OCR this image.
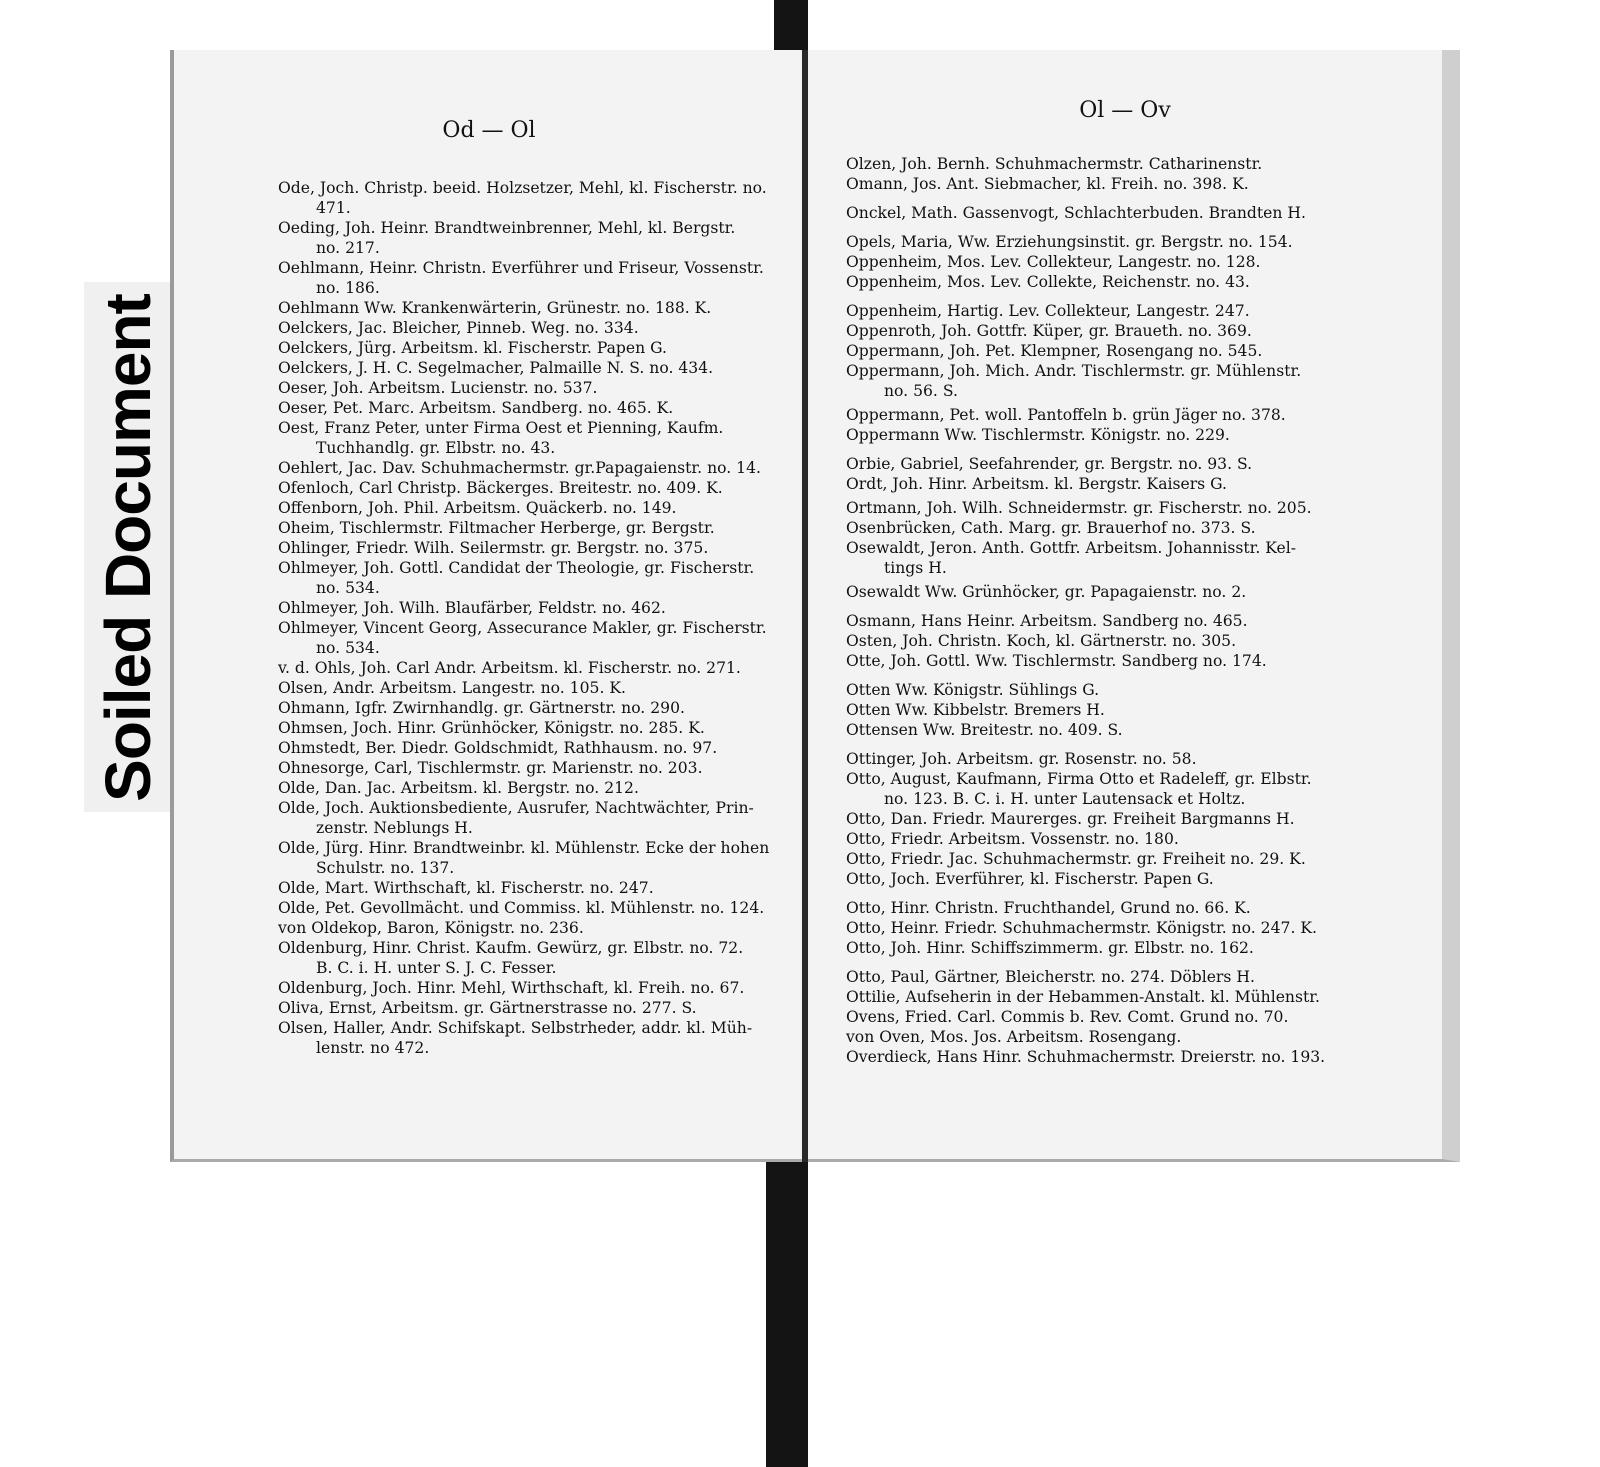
Soiled Document
Od — Ol
Ode, Joch. Christp. beeid. Holzsetzer, Mehl, kl. Fischerstr. no.
471.
Oeding, Joh. Heinr. Brandtweinbrenner, Mehl, kl. Bergstr.
no. 217.
Oehlmann, Heinr. Christn. Everführer und Friseur, Vossenstr.
no. 186.
Oehlmann Ww. Krankenwärterin, Grünestr. no. 188. K.
Oelckers, Jac. Bleicher, Pinneb. Weg. no. 334.
Oelckers, Jürg. Arbeitsm. kl. Fischerstr. Papen G.
Oelckers, J. H. C. Segelmacher, Palmaille N. S. no. 434.
Oeser, Joh. Arbeitsm. Lucienstr. no. 537.
Oeser, Pet. Marc. Arbeitsm. Sandberg. no. 465. K.
Oest, Franz Peter, unter Firma Oest et Pienning, Kaufm.
Tuchhandlg. gr. Elbstr. no. 43.
Oehlert, Jac. Dav. Schuhmachermstr. gr.Papagaienstr. no. 14.
Ofenloch, Carl Christp. Bäckerges. Breitestr. no. 409. K.
Offenborn, Joh. Phil. Arbeitsm. Quäckerb. no. 149.
Oheim, Tischlermstr. Filtmacher Herberge, gr. Bergstr.
Ohlinger, Friedr. Wilh. Seilermstr. gr. Bergstr. no. 375.
Ohlmeyer, Joh. Gottl. Candidat der Theologie, gr. Fischerstr.
no. 534.
Ohlmeyer, Joh. Wilh. Blaufärber, Feldstr. no. 462.
Ohlmeyer, Vincent Georg, Assecurance Makler, gr. Fischerstr.
no. 534.
v. d. Ohls, Joh. Carl Andr. Arbeitsm. kl. Fischerstr. no. 271.
Olsen, Andr. Arbeitsm. Langestr. no. 105. K.
Ohmann, Igfr. Zwirnhandlg. gr. Gärtnerstr. no. 290.
Ohmsen, Joch. Hinr. Grünhöcker, Königstr. no. 285. K.
Ohmstedt, Ber. Diedr. Goldschmidt, Rathhausm. no. 97.
Ohnesorge, Carl, Tischlermstr. gr. Marienstr. no. 203.
Olde, Dan. Jac. Arbeitsm. kl. Bergstr. no. 212.
Olde, Joch. Auktionsbediente, Ausrufer, Nachtwächter, Prin-
zenstr. Neblungs H.
Olde, Jürg. Hinr. Brandtweinbr. kl. Mühlenstr. Ecke der hohen
Schulstr. no. 137.
Olde, Mart. Wirthschaft, kl. Fischerstr. no. 247.
Olde, Pet. Gevollmächt. und Commiss. kl. Mühlenstr. no. 124.
von Oldekop, Baron, Königstr. no. 236.
Oldenburg, Hinr. Christ. Kaufm. Gewürz, gr. Elbstr. no. 72.
B. C. i. H. unter S. J. C. Fesser.
Oldenburg, Joch. Hinr. Mehl, Wirthschaft, kl. Freih. no. 67.
Oliva, Ernst, Arbeitsm. gr. Gärtnerstrasse no. 277. S.
Olsen, Haller, Andr. Schifskapt. Selbstrheder, addr. kl. Müh-
lenstr. no 472.
Ol — Ov
Olzen, Joh. Bernh. Schuhmachermstr. Catharinenstr.
Omann, Jos. Ant. Siebmacher, kl. Freih. no. 398. K.
Onckel, Math. Gassenvogt, Schlachterbuden. Brandten H.
Opels, Maria, Ww. Erziehungsinstit. gr. Bergstr. no. 154.
Oppenheim, Mos. Lev. Collekteur, Langestr. no. 128.
Oppenheim, Mos. Lev. Collekte, Reichenstr. no. 43.
Oppenheim, Hartig. Lev. Collekteur, Langestr. 247.
Oppenroth, Joh. Gottfr. Küper, gr. Braueth. no. 369.
Oppermann, Joh. Pet. Klempner, Rosengang no. 545.
Oppermann, Joh. Mich. Andr. Tischlermstr. gr. Mühlenstr.
no. 56. S.
Oppermann, Pet. woll. Pantoffeln b. grün Jäger no. 378.
Oppermann Ww. Tischlermstr. Königstr. no. 229.
Orbie, Gabriel, Seefahrender, gr. Bergstr. no. 93. S.
Ordt, Joh. Hinr. Arbeitsm. kl. Bergstr. Kaisers G.
Ortmann, Joh. Wilh. Schneidermstr. gr. Fischerstr. no. 205.
Osenbrücken, Cath. Marg. gr. Brauerhof no. 373. S.
Osewaldt, Jeron. Anth. Gottfr. Arbeitsm. Johannisstr. Kel-
tings H.
Osewaldt Ww. Grünhöcker, gr. Papagaienstr. no. 2.
Osmann, Hans Heinr. Arbeitsm. Sandberg no. 465.
Osten, Joh. Christn. Koch, kl. Gärtnerstr. no. 305.
Otte, Joh. Gottl. Ww. Tischlermstr. Sandberg no. 174.
Otten Ww. Königstr. Sühlings G.
Otten Ww. Kibbelstr. Bremers H.
Ottensen Ww. Breitestr. no. 409. S.
Ottinger, Joh. Arbeitsm. gr. Rosenstr. no. 58.
Otto, August, Kaufmann, Firma Otto et Radeleff, gr. Elbstr.
no. 123. B. C. i. H. unter Lautensack et Holtz.
Otto, Dan. Friedr. Maurerges. gr. Freiheit Bargmanns H.
Otto, Friedr. Arbeitsm. Vossenstr. no. 180.
Otto, Friedr. Jac. Schuhmachermstr. gr. Freiheit no. 29. K.
Otto, Joch. Everführer, kl. Fischerstr. Papen G.
Otto, Hinr. Christn. Fruchthandel, Grund no. 66. K.
Otto, Heinr. Friedr. Schuhmachermstr. Königstr. no. 247. K.
Otto, Joh. Hinr. Schiffszimmerm. gr. Elbstr. no. 162.
Otto, Paul, Gärtner, Bleicherstr. no. 274. Döblers H.
Ottilie, Aufseherin in der Hebammen-Anstalt. kl. Mühlenstr.
Ovens, Fried. Carl. Commis b. Rev. Comt. Grund no. 70.
von Oven, Mos. Jos. Arbeitsm. Rosengang.
Overdieck, Hans Hinr. Schuhmachermstr. Dreierstr. no. 193.
